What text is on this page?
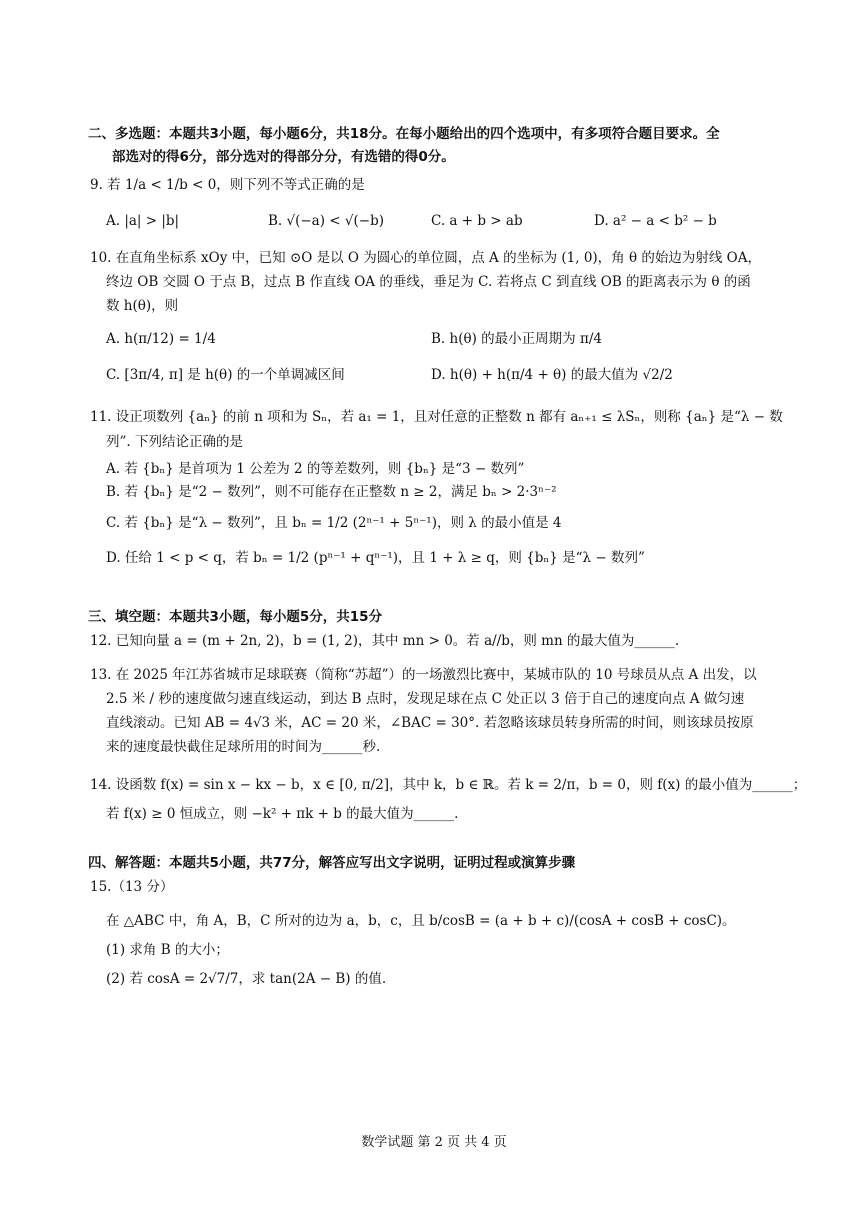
二、多选题：本题共3小题，每小题6分，共18分。在每小题给出的四个选项中，有多项符合题目要求。全
部选对的得6分，部分选对的得部分分，有选错的得0分。
9. 若 1/a < 1/b < 0，则下列不等式正确的是
A. |a| > |b|	B. √(−a) < √(−b)	C. a + b > ab	D. a² − a < b² − b
10. 在直角坐标系 xOy 中，已知 ⊙O 是以 O 为圆心的单位圆，点 A 的坐标为 (1, 0)，角 θ 的始边为射线 OA，
终边 OB 交圆 O 于点 B，过点 B 作直线 OA 的垂线，垂足为 C. 若将点 C 到直线 OB 的距离表示为 θ 的函
数 h(θ)，则
A. h(π/12) = 1/4	B. h(θ) 的最小正周期为 π/4
C. [3π/4, π] 是 h(θ) 的一个单调减区间	D. h(θ) + h(π/4 + θ) 的最大值为 √2/2
11. 设正项数列 {aₙ} 的前 n 项和为 Sₙ，若 a₁ = 1，且对任意的正整数 n 都有 aₙ₊₁ ≤ λSₙ，则称 {aₙ} 是“λ − 数
列”. 下列结论正确的是
A. 若 {bₙ} 是首项为 1 公差为 2 的等差数列，则 {bₙ} 是“3 − 数列”
B. 若 {bₙ} 是“2 − 数列”，则不可能存在正整数 n ≥ 2，满足 bₙ > 2·3ⁿ⁻²
C. 若 {bₙ} 是“λ − 数列”，且 bₙ = 1/2 (2ⁿ⁻¹ + 5ⁿ⁻¹)，则 λ 的最小值是 4
D. 任给 1 < p < q，若 bₙ = 1/2 (pⁿ⁻¹ + qⁿ⁻¹)，且 1 + λ ≥ q，则 {bₙ} 是“λ − 数列”
三、填空题：本题共3小题，每小题5分，共15分
12. 已知向量 a = (m + 2n, 2)，b = (1, 2)，其中 mn > 0。若 a//b，则 mn 的最大值为______.
13. 在 2025 年江苏省城市足球联赛（简称“苏超”）的一场激烈比赛中，某城市队的 10 号球员从点 A 出发，以
2.5 米 / 秒的速度做匀速直线运动，到达 B 点时，发现足球在点 C 处正以 3 倍于自己的速度向点 A 做匀速
直线滚动。已知 AB = 4√3 米，AC = 20 米，∠BAC = 30°. 若忽略该球员转身所需的时间，则该球员按原
来的速度最快截住足球所用的时间为______秒.
14. 设函数 f(x) = sin x − kx − b，x ∈ [0, π/2]，其中 k，b ∈ ℝ。若 k = 2/π，b = 0，则 f(x) 的最小值为______；
若 f(x) ≥ 0 恒成立，则 −k² + πk + b 的最大值为______.
四、解答题：本题共5小题，共77分，解答应写出文字说明，证明过程或演算步骤
15.（13 分）
在 △ABC 中，角 A，B，C 所对的边为 a，b，c，且 b/cosB = (a + b + c)/(cosA + cosB + cosC)。
(1) 求角 B 的大小；
(2) 若 cosA = 2√7/7，求 tan(2A − B) 的值.
数学试题 第 2 页 共 4 页
